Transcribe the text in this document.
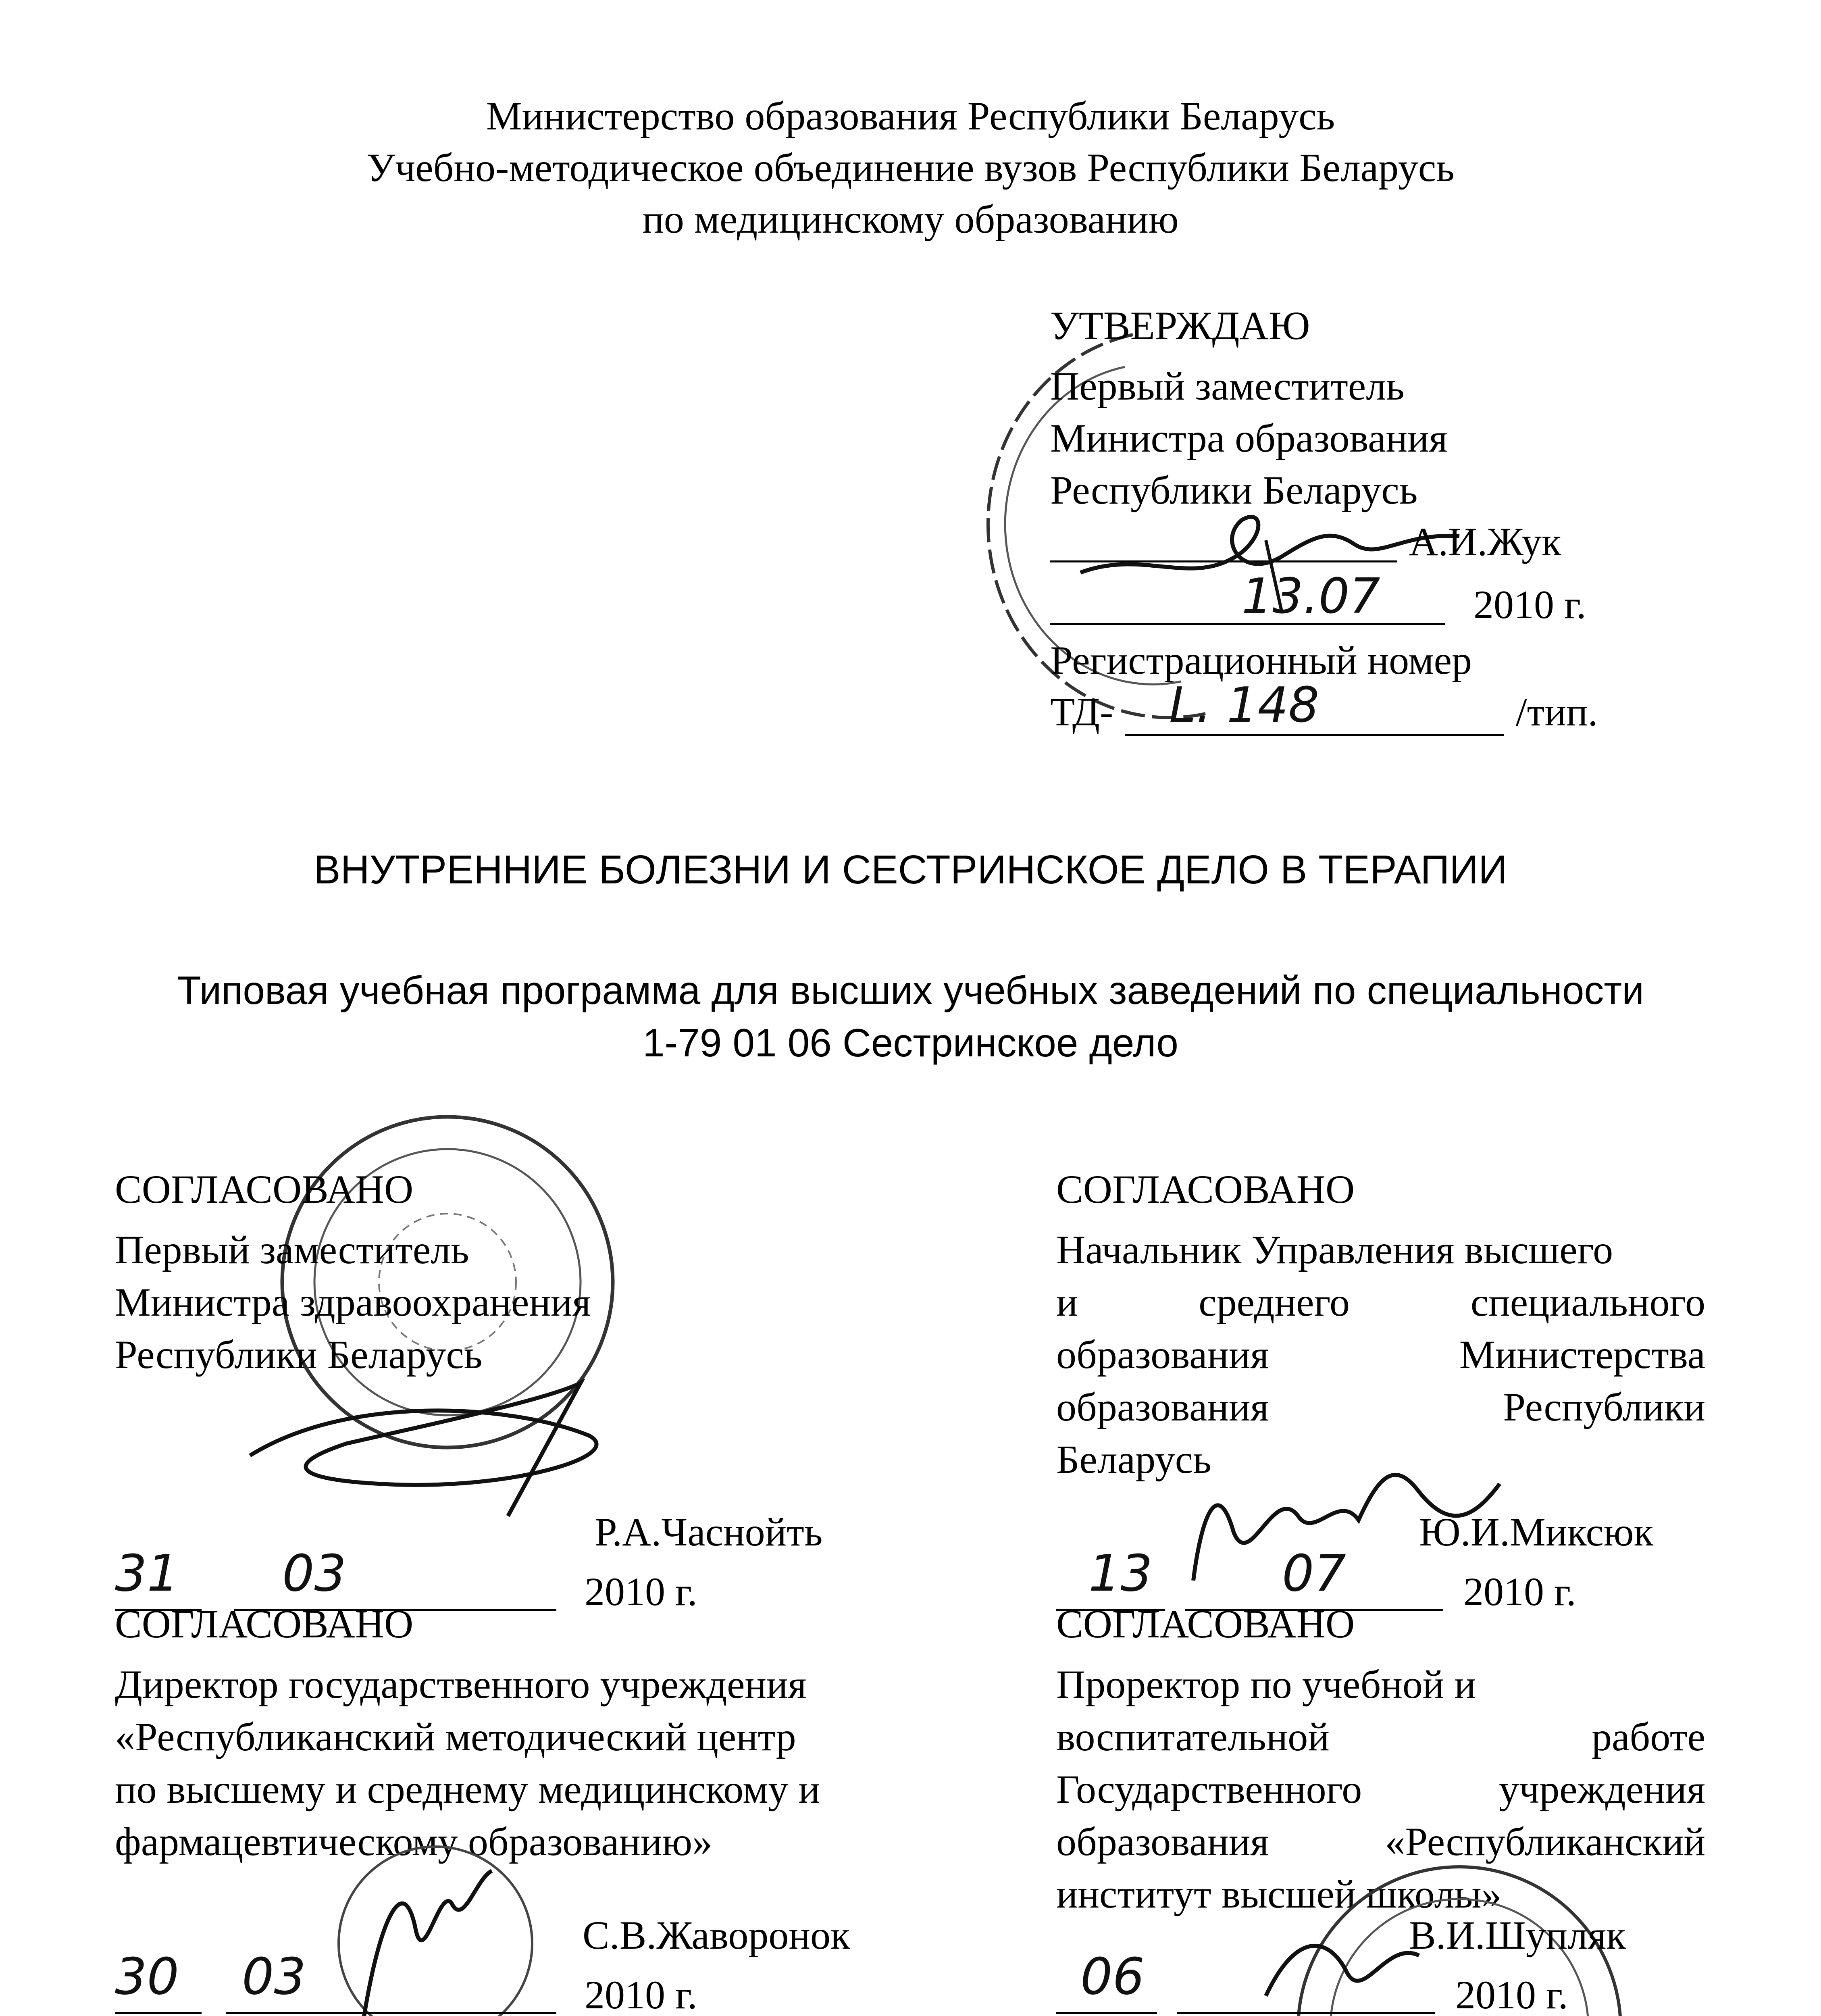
Министерство образования Республики Беларусь
Учебно-методическое объединение вузов Республики Беларусь
по медицинскому образованию
УТВЕРЖДАЮ
Первый заместитель
Министра образования
Республики Беларусь
А.И.Жук
13.07 2010 г.
Регистрационный номер
ТД- L. 148	/тип.
ВНУТРЕННИЕ БОЛЕЗНИ И СЕСТРИНСКОЕ ДЕЛО В ТЕРАПИИ
Типовая учебная программа для высших учебных заведений по специальности
1-79 01 06 Сестринское дело
СОГЛАСОВАНО
Первый заместитель
Министра здравоохранения
Республики Беларусь
Р.А.Часнойть
31 03	2010 г.
СОГЛАСОВАНО
Начальник Управления высшего
и	среднего	специального
образования	Министерства
образования	Республики
Беларусь
Ю.И.Миксюк
13	07	2010 г.
СОГЛАСОВАНО
Директор государственного учреждения
«Республиканский методический центр
по высшему и среднему медицинскому и
фармацевтическому образованию»
С.В.Жаворонок
30 03	2010 г.
СОГЛАСОВАНО
Проректор по учебной и
воспитательной	работе
Государственного	учреждения
образования	«Республиканский
институт высшей школы»
В.И.Шупляк
06	2010 г.
